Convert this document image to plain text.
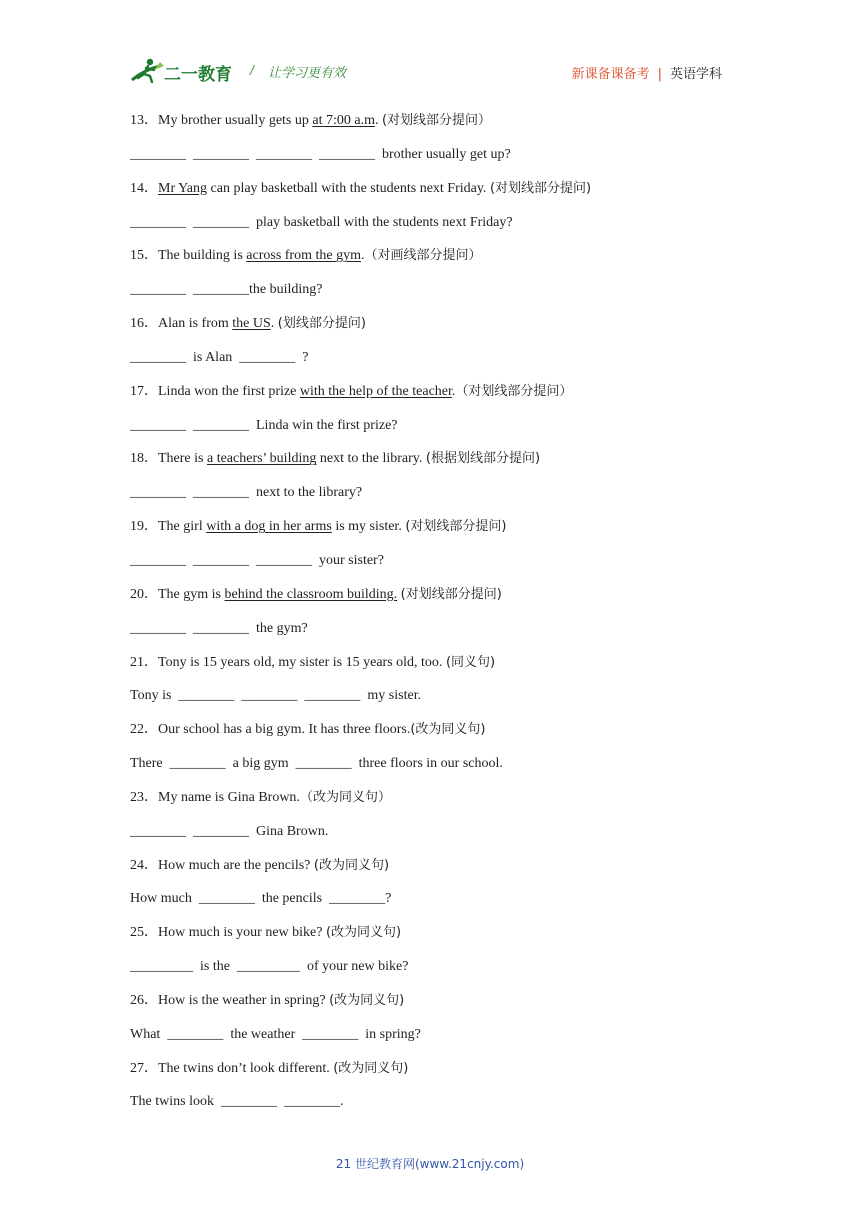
二一教育 / 让学习更有效	新课备课备考 | 英语学科
13．My brother usually gets up at 7:00 a.m. (对划线部分提问）
________  ________  ________  ________  brother usually get up?
14．Mr Yang can play basketball with the students next Friday. (对划线部分提问)
________  ________  play basketball with the students next Friday?
15．The building is across from the gym.（对画线部分提问）
________  ________the building?
16．Alan is from the US. (划线部分提问)
________  is Alan  ________  ?
17．Linda won the first prize with the help of the teacher.（对划线部分提问）
________  ________  Linda win the first prize?
18．There is a teachers’ building next to the library. (根据划线部分提问)
________  ________  next to the library?
19．The girl with a dog in her arms is my sister. (对划线部分提问)
________  ________  ________  your sister?
20．The gym is behind the classroom building. (对划线部分提问)
________  ________  the gym?
21．Tony is 15 years old, my sister is 15 years old, too. (同义句)
Tony is  ________  ________  ________  my sister.
22．Our school has a big gym. It has three floors.(改为同义句)
There  ________  a big gym  ________  three floors in our school.
23．My name is Gina Brown.（改为同义句）
________  ________  Gina Brown.
24．How much are the pencils? (改为同义句)
How much  ________  the pencils  ________?
25．How much is your new bike? (改为同义句)
_________  is the  _________  of your new bike?
26．How is the weather in spring? (改为同义句)
What  ________  the weather  ________  in spring?
27．The twins don’t look different. (改为同义句)
The twins look  ________  ________.
21 世纪教育网(www.21cnjy.com)
